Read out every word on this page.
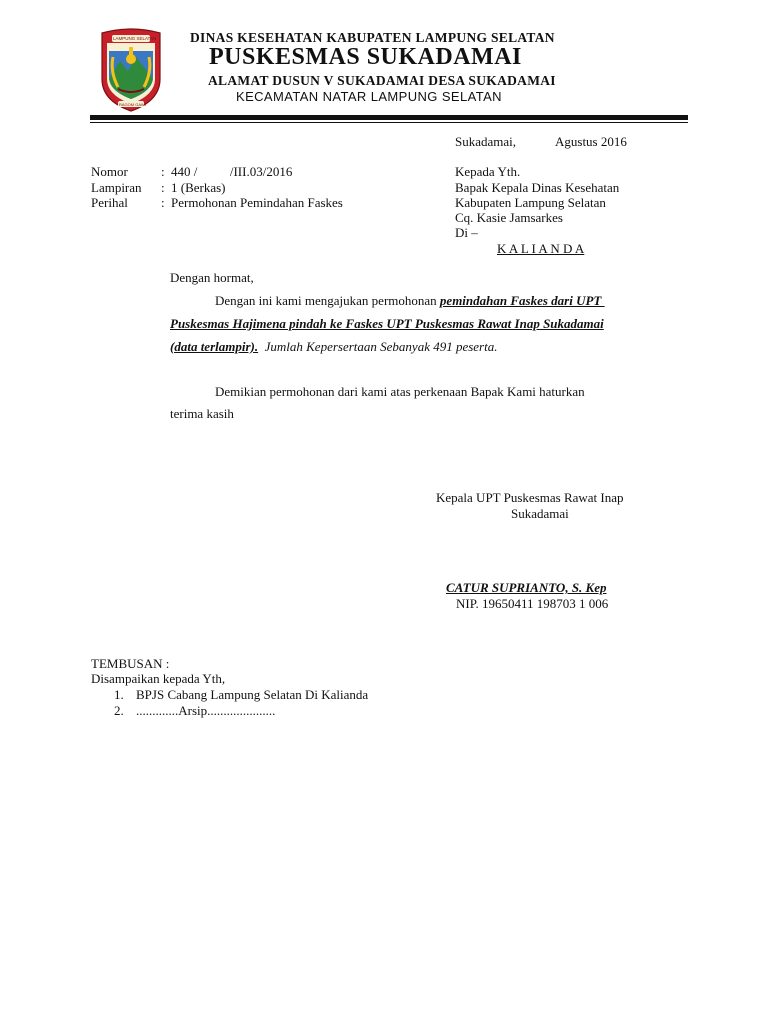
LAMPUNG SELATAN
RAGOM GAWI
DINAS KESEHATAN KABUPATEN LAMPUNG SELATAN
PUSKESMAS SUKADAMAI
ALAMAT DUSUN V SUKADAMAI DESA SUKADAMAI
KECAMATAN NATAR LAMPUNG SELATAN
Sukadamai,	Agustus 2016
Nomor	: 440 /          /III.03/2016
Lampiran : 1 (Berkas)
Perihal	: Permohonan Pemindahan Faskes
Kepada Yth.
Bapak Kepala Dinas Kesehatan
Kabupaten Lampung Selatan
Cq. Kasie Jamsarkes
Di –
K A L I A N D A
Dengan hormat,
Dengan ini kami mengajukan permohonan pemindahan Faskes dari UPT
Puskesmas Hajimena pindah ke Faskes UPT Puskesmas Rawat Inap Sukadamai
(data terlampir).  Jumlah Kepersertaan Sebanyak 491 peserta.
Demikian permohonan dari kami atas perkenaan Bapak Kami haturkan
terima kasih
Kepala UPT Puskesmas Rawat Inap
Sukadamai
CATUR SUPRIANTO, S. Kep
NIP. 19650411 198703 1 006
TEMBUSAN :
Disampaikan kepada Yth,
1. BPJS Cabang Lampung Selatan Di Kalianda
2. .............Arsip.....................
